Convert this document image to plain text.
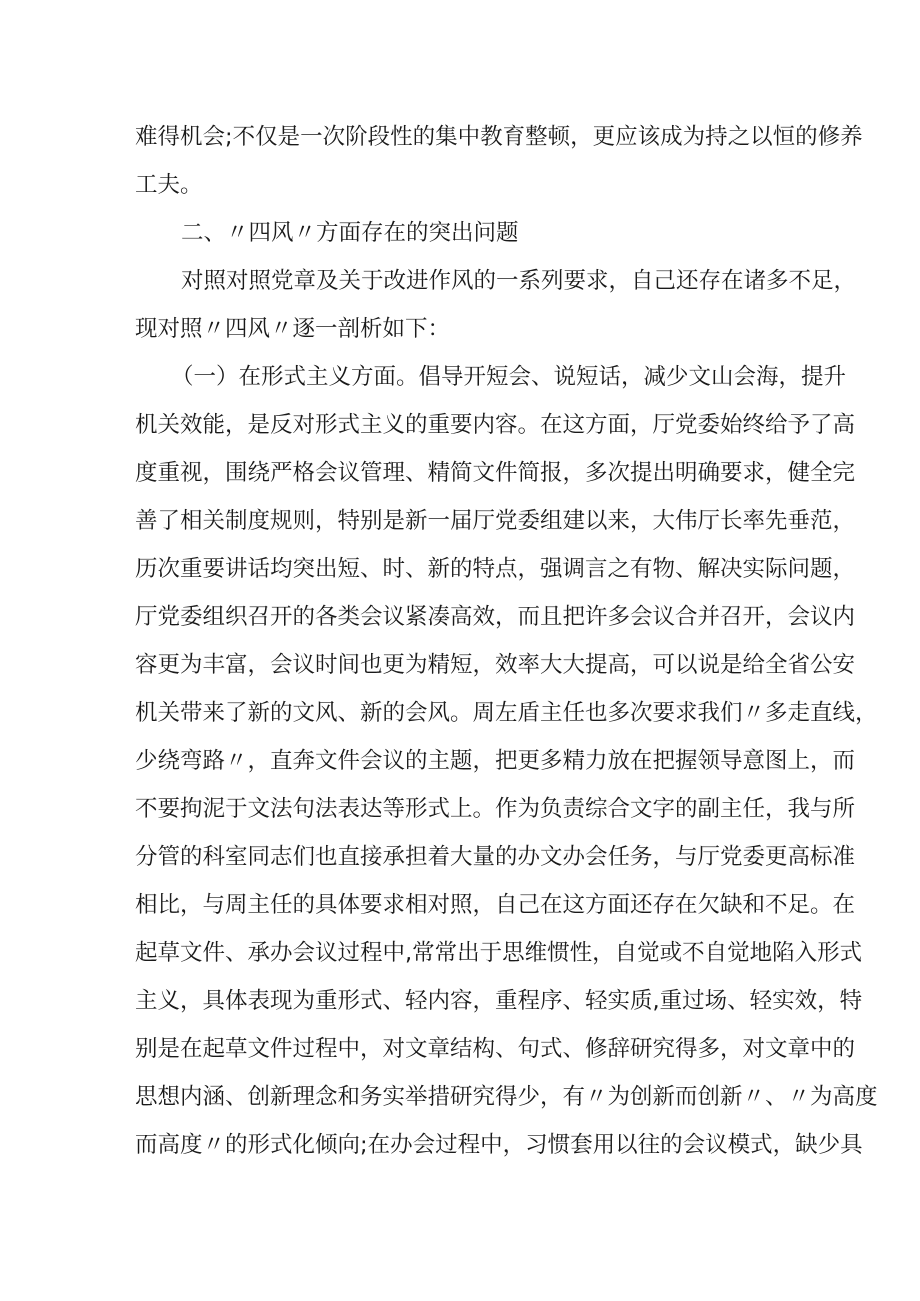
难得机会;不仅是一次阶段性的集中教育整顿，更应该成为持之以恒的修养
工夫。
二、〃四风〃方面存在的突出问题
对照对照党章及关于改进作风的一系列要求，自己还存在诸多不足，
现对照〃四风〃逐一剖析如下：
（一）在形式主义方面。倡导开短会、说短话，减少文山会海，提升
机关效能，是反对形式主义的重要内容。在这方面，厅党委始终给予了高
度重视，围绕严格会议管理、精简文件简报，多次提出明确要求，健全完
善了相关制度规则，特别是新一届厅党委组建以来，大伟厅长率先垂范，
历次重要讲话均突出短、时、新的特点，强调言之有物、解决实际问题，
厅党委组织召开的各类会议紧凑高效，而且把许多会议合并召开，会议内
容更为丰富，会议时间也更为精短，效率大大提高，可以说是给全省公安
机关带来了新的文风、新的会风。周左盾主任也多次要求我们〃多走直线，
少绕弯路〃，直奔文件会议的主题，把更多精力放在把握领导意图上，而
不要拘泥于文法句法表达等形式上。作为负责综合文字的副主任，我与所
分管的科室同志们也直接承担着大量的办文办会任务，与厅党委更高标准
相比，与周主任的具体要求相对照，自己在这方面还存在欠缺和不足。在
起草文件、承办会议过程中,常常出于思维惯性，自觉或不自觉地陷入形式
主义，具体表现为重形式、轻内容，重程序、轻实质,重过场、轻实效，特
别是在起草文件过程中，对文章结构、句式、修辞研究得多，对文章中的
思想内涵、创新理念和务实举措研究得少，有〃为创新而创新〃、〃为高度
而高度〃的形式化倾向;在办会过程中，习惯套用以往的会议模式，缺少具
